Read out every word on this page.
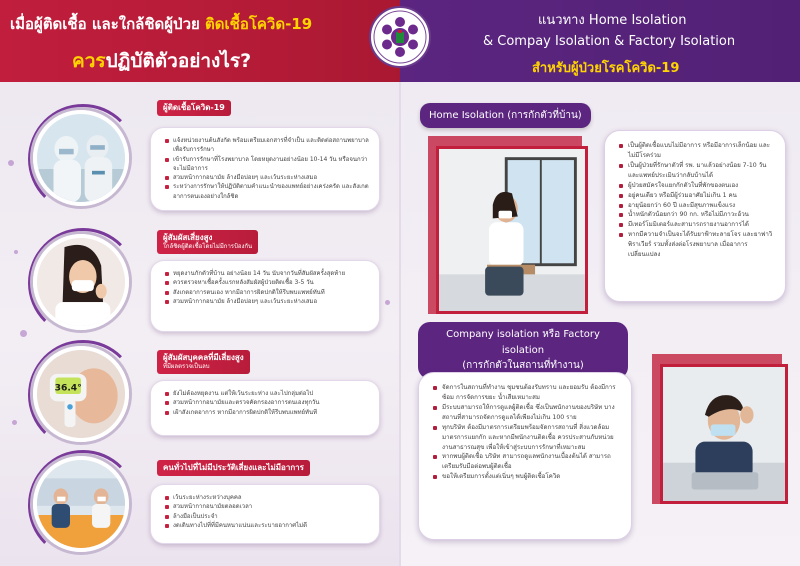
เมื่อผู้ติดเชื้อ และใกล้ชิดผู้ป่วย ติดเชื้อโควิด-19
ควรปฏิบัติตัวอย่างไร?
แนวทาง Home Isolation
& Compay Isolation & Factory Isolation
สำหรับผู้ป่วยโรคโควิด-19
ผู้ติดเชื้อโควิด-19
แจ้งหน่วยงานต้นสังกัด พร้อมเตรียมเอกสารที่จำเป็น และติดต่อสถานพยาบาล เพื่อรับการรักษา
เข้ารับการรักษาที่โรงพยาบาล โดยหยุดงานอย่างน้อย 10-14 วัน หรือจนกว่าจะไม่มีอาการ
สวมหน้ากากอนามัย ล้างมือบ่อยๆ และเว้นระยะห่างเสมอ
ระหว่างการรักษาให้ปฏิบัติตามคำแนะนำของแพทย์อย่างเคร่งครัด และสังเกตอาการตนเองอย่างใกล้ชิด
ผู้สัมผัสเสี่ยงสูง
ใกล้ชิดผู้ติดเชื้อโดยไม่มีการป้องกัน
หยุดงานกักตัวที่บ้าน อย่างน้อย 14 วัน นับจากวันที่สัมผัสครั้งสุดท้าย
ควรตรวจหาเชื้อครั้งแรกหลังสัมผัสผู้ป่วยติดเชื้อ 3-5 วัน
สังเกตอาการตนเอง หากมีอาการผิดปกติให้รีบพบแพทย์ทันที
สวมหน้ากากอนามัย ล้างมือบ่อยๆ และเว้นระยะห่างเสมอ
36.4°
ผู้สัมผัสบุคคลที่มีเสี่ยงสูง
ที่มีผลตรวจเป็นลบ
ยังไม่ต้องหยุดงาน แต่ให้เว้นระยะห่าง และไปกลุ่มต่อไป
สวมหน้ากากอนามัยและตรวจคัดกรองอาการตนเองทุกวัน
เฝ้าสังเกตอาการ หากมีอาการผิดปกติให้รีบพบแพทย์ทันที
คนทั่วไปที่ไม่มีประวัติเสี่ยงและไม่มีอาการ
เว้นระยะห่างระหว่างบุคคล
สวมหน้ากากอนามัยตลอดเวลา
ล้างมือเป็นประจำ
งดเดินทางไปที่ที่มีคนหนาแน่นและระบายอากาศไม่ดี
Home Isolation (การกักตัวที่บ้าน)
เป็นผู้ติดเชื้อแบบไม่มีอาการ หรือมีอาการเล็กน้อย และไม่มีโรคร่วม
เป็นผู้ป่วยที่รักษาตัวที่ รพ. มาแล้วอย่างน้อย 7-10 วัน และแพทย์ประเมินว่ากลับบ้านได้
ผู้ป่วยสมัครใจแยกกักตัวในที่พักของตนเอง
อยู่คนเดียว หรือมีผู้ร่วมอาศัยไม่เกิน 1 คน
อายุน้อยกว่า 60 ปี และมีสุขภาพแข็งแรง
น้ำหนักตัวน้อยกว่า 90 กก. หรือไม่มีภาวะอ้วน
มีเทอร์โมมิเตอร์และสามารถรายงานอาการได้
หากมีความจำเป็นจะได้รับยาฟ้าทะลายโจร และยาฟาวิพิราเวียร์ รวมทั้งส่งต่อโรงพยาบาล เมื่ออาการเปลี่ยนแปลง
Company isolation หรือ Factory isolation
(การกักตัวในสถานที่ทำงาน)
จัดการในสถานที่ทำงาน ชุมชนต้องรับทราบ และยอมรับ ต้องมีการซ้อม การจัดการขยะ น้ำเสียเหมาะสม
มีระบบสามารถให้การดูแลผู้ติดเชื้อ ซึ่งเป็นพนักงานของบริษัท บางสถานที่สามารถจัดการดูแลได้เพียงไม่เกิน 100 ราย
ทุกบริษัท ต้องมีมาตรการเตรียมพร้อมจัดการสถานที่ สิ่งแวดล้อม มาตรการแยกกัก และหากมีพนักงานติดเชื้อ ควรประสานกับหน่วยงานสาธารณสุข เพื่อให้เข้าสู่ระบบการรักษาที่เหมาะสม
หากพบผู้ติดเชื้อ บริษัท สามารถดูแลพนักงานเบื้องต้นได้ สามารถเตรียมรับมือต่อพบผู้ติดเชื้อ
ขอให้เตรียมการตั้งแต่เนิ่นๆ พบผู้ติดเชื้อโควิด
